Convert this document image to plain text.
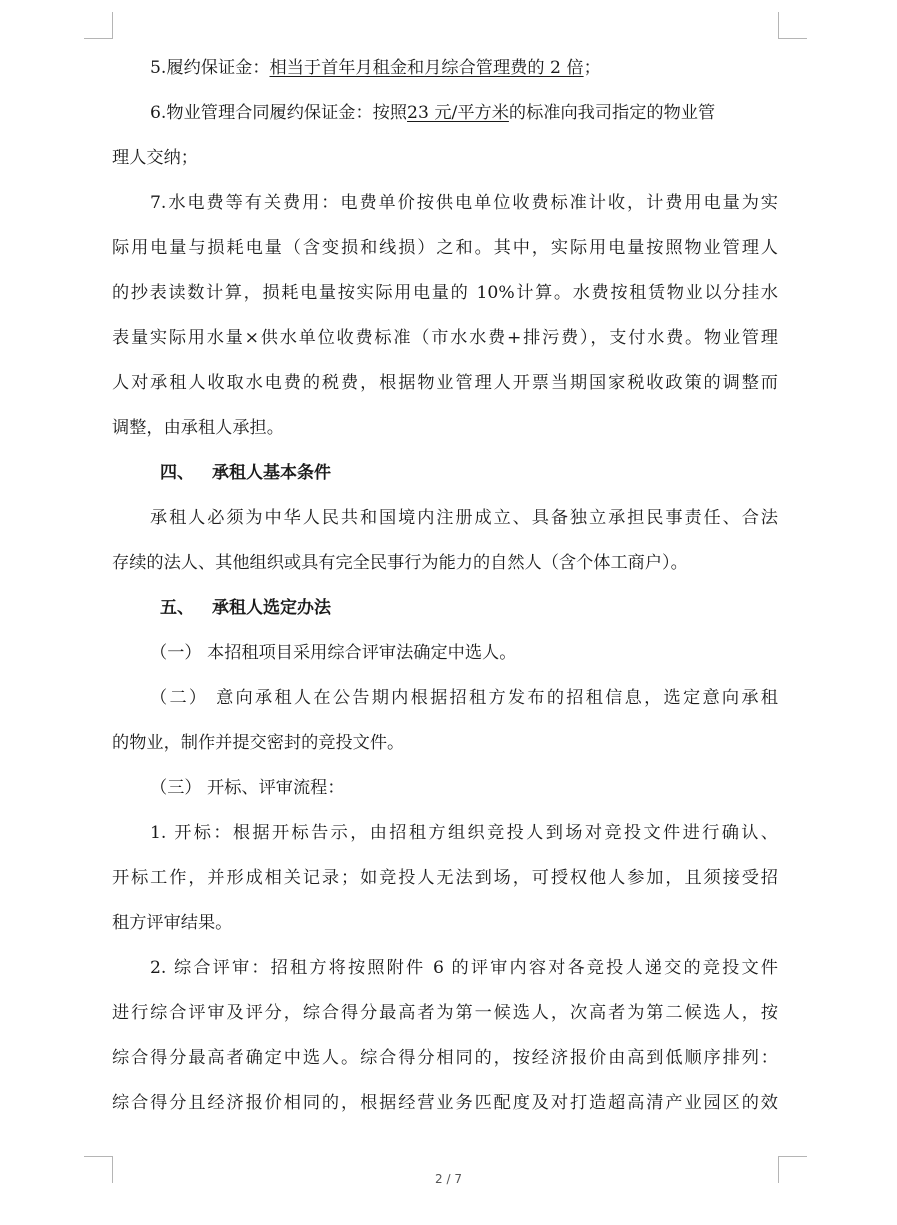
5.履约保证金：相当于首年月租金和月综合管理费的 2 倍；
6.物业管理合同履约保证金：按照23 元/平方米的标准向我司指定的物业管
理人交纳；
7.水电费等有关费用：电费单价按供电单位收费标准计收，计费用电量为实
际用电量与损耗电量（含变损和线损）之和。其中，实际用电量按照物业管理人
的抄表读数计算，损耗电量按实际用电量的 10%计算。水费按租赁物业以分挂水
表量实际用水量×供水单位收费标准（市水水费+排污费），支付水费。物业管理
人对承租人收取水电费的税费，根据物业管理人开票当期国家税收政策的调整而
调整，由承租人承担。
四、 承租人基本条件
承租人必须为中华人民共和国境内注册成立、具备独立承担民事责任、合法
存续的法人、其他组织或具有完全民事行为能力的自然人（含个体工商户）。
五、 承租人选定办法
（一） 本招租项目采用综合评审法确定中选人。
（二） 意向承租人在公告期内根据招租方发布的招租信息，选定意向承租
的物业，制作并提交密封的竞投文件。
（三） 开标、评审流程：
1. 开标：根据开标告示，由招租方组织竞投人到场对竞投文件进行确认、
开标工作，并形成相关记录；如竞投人无法到场，可授权他人参加，且须接受招
租方评审结果。
2. 综合评审：招租方将按照附件 6 的评审内容对各竞投人递交的竞投文件
进行综合评审及评分，综合得分最高者为第一候选人，次高者为第二候选人，按
综合得分最高者确定中选人。综合得分相同的，按经济报价由高到低顺序排列：
综合得分且经济报价相同的，根据经营业务匹配度及对打造超高清产业园区的效
2 / 7
